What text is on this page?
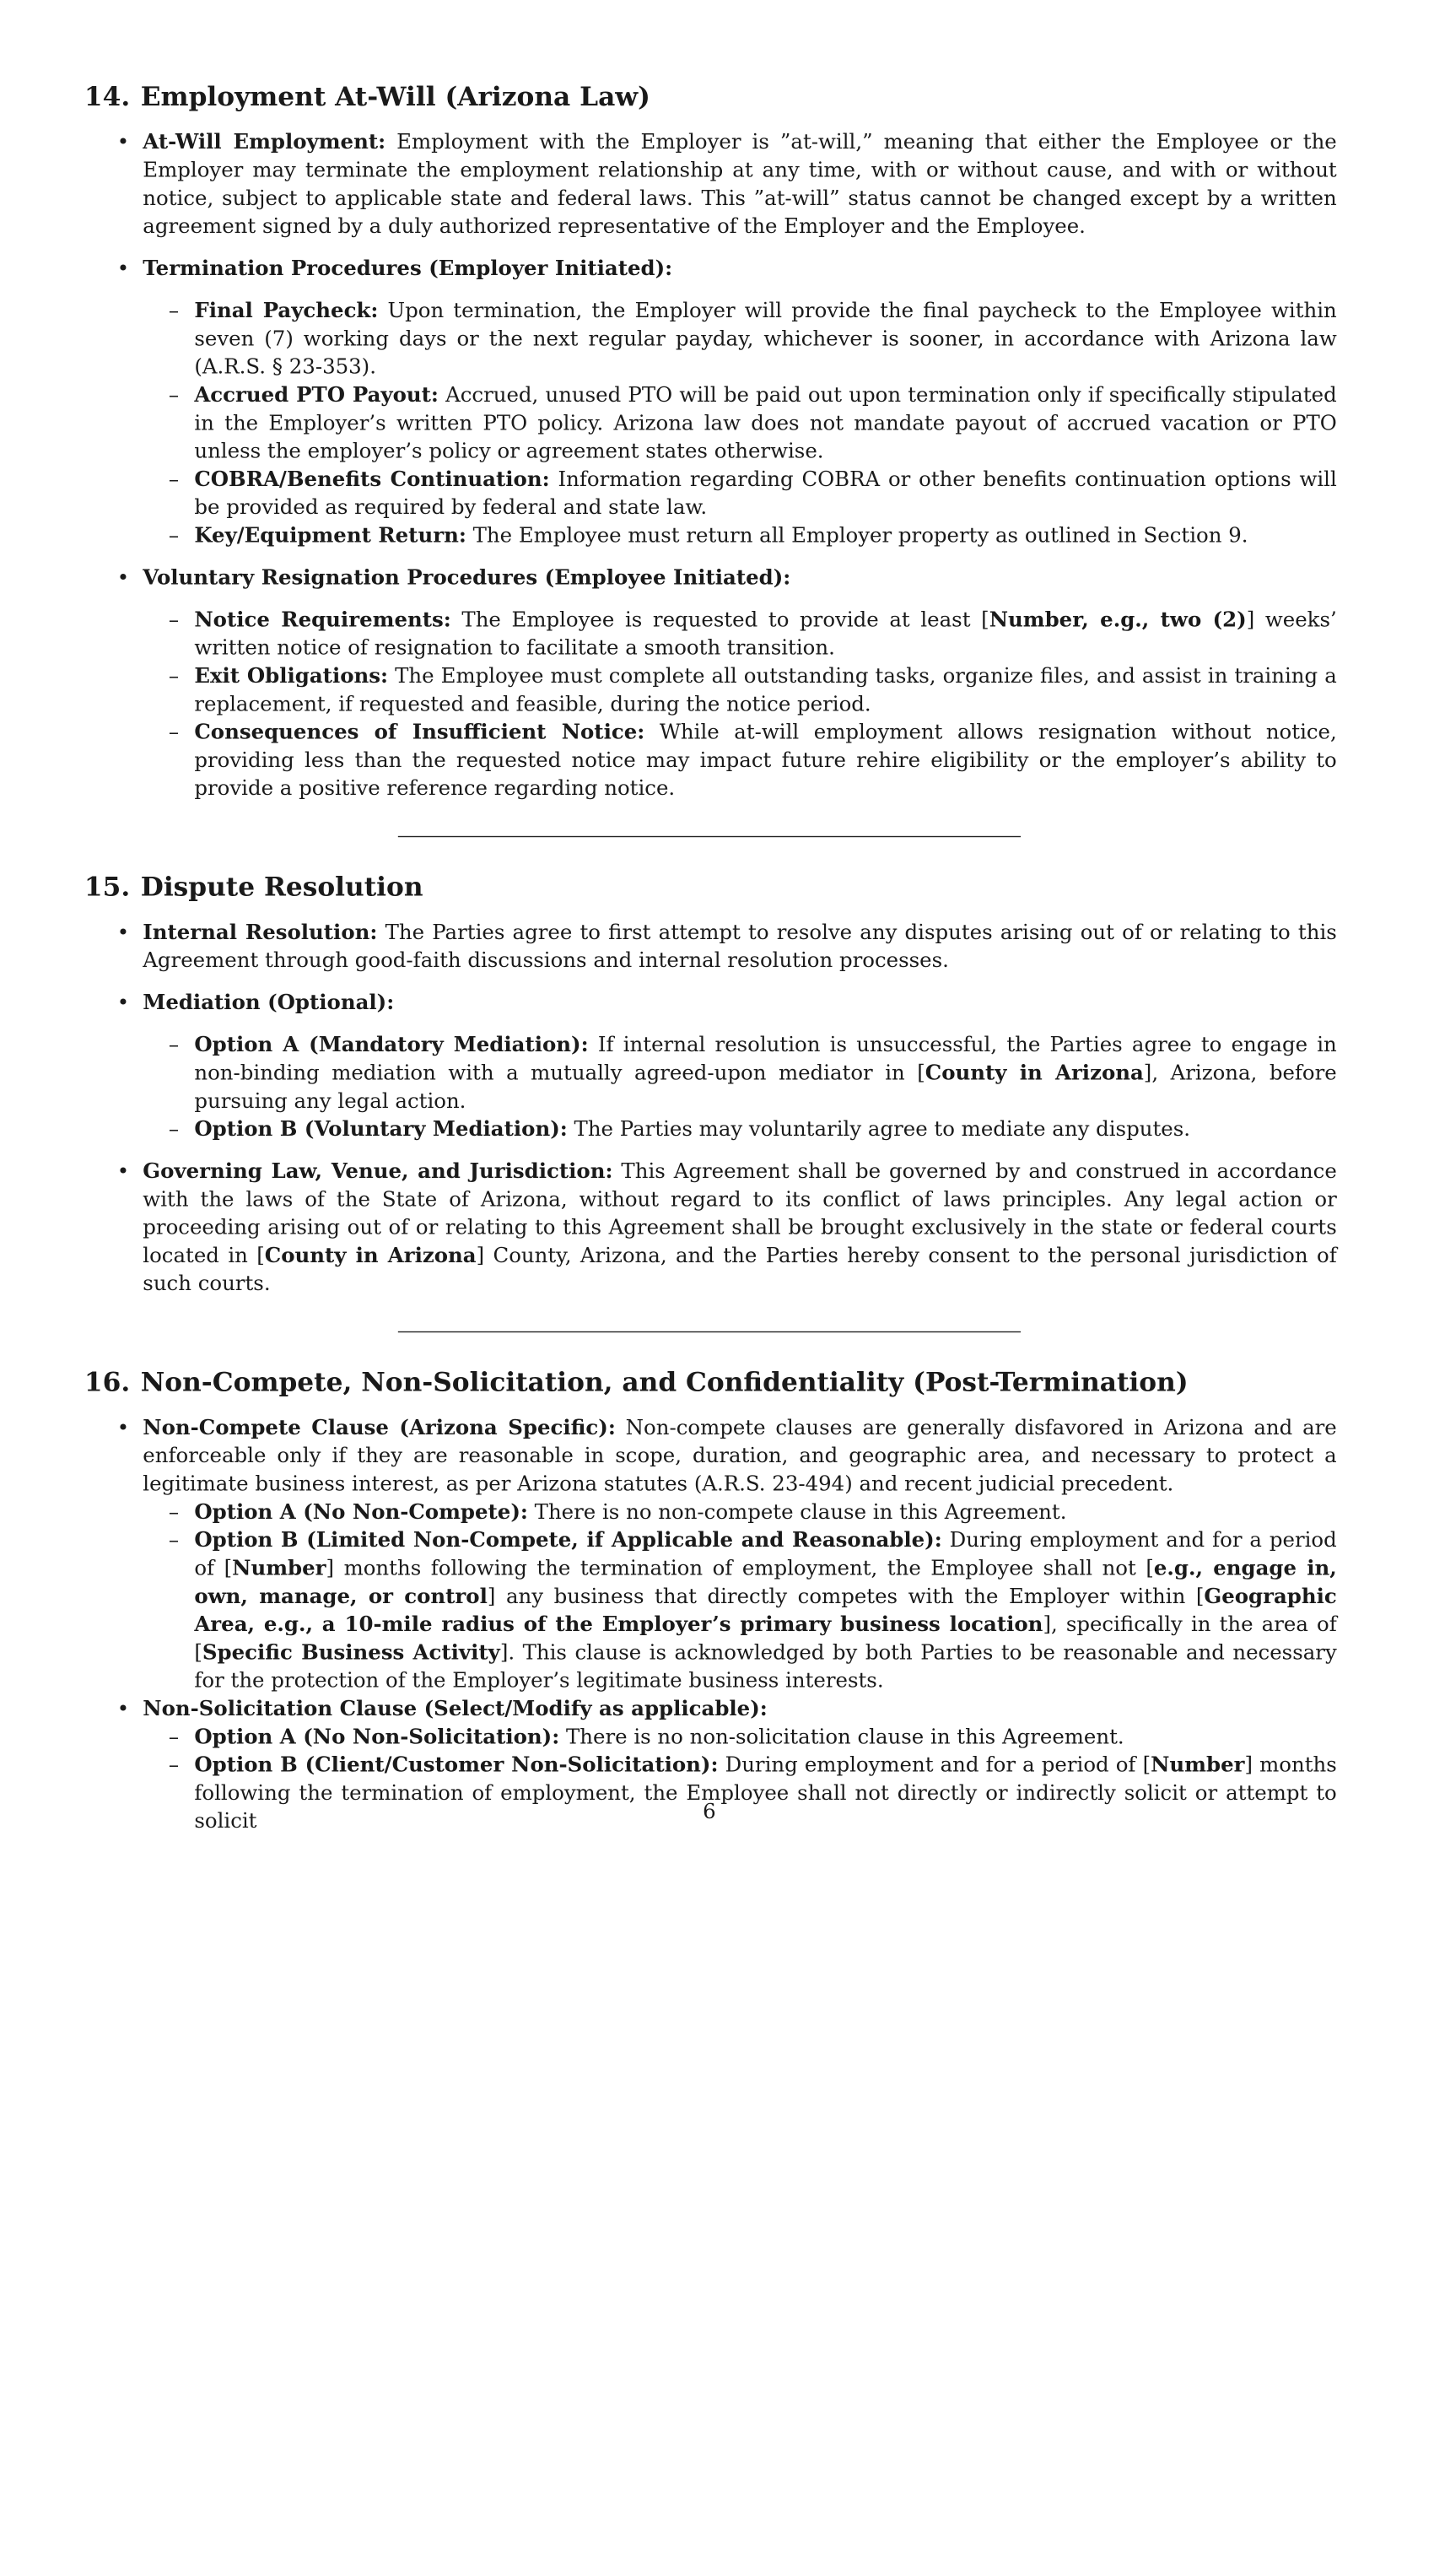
14. Employment At-Will (Arizona Law)
• At-Will Employment: Employment with the Employer is ”at-will,” meaning that either the Employee or the Employer may terminate the employment relationship at any time, with or without cause, and with or without notice, subject to applicable state and federal laws. This ”at-will” status cannot be changed except by a written agreement signed by a duly authorized representative of the Employer and the Employee.
• Termination Procedures (Employer Initiated):
– Final Paycheck: Upon termination, the Employer will provide the final paycheck to the Employee within seven (7) working days or the next regular payday, whichever is sooner, in accordance with Arizona law (A.R.S. § 23-353).
– Accrued PTO Payout: Accrued, unused PTO will be paid out upon termination only if specifically stipulated in the Employer’s written PTO policy. Arizona law does not mandate payout of accrued vacation or PTO unless the employer’s policy or agreement states otherwise.
– COBRA/Benefits Continuation: Information regarding COBRA or other benefits continuation options will be provided as required by federal and state law.
– Key/Equipment Return: The Employee must return all Employer property as outlined in Section 9.
• Voluntary Resignation Procedures (Employee Initiated):
– Notice Requirements: The Employee is requested to provide at least [Number, e.g., two (2)] weeks’ written notice of resignation to facilitate a smooth transition.
– Exit Obligations: The Employee must complete all outstanding tasks, organize files, and assist in training a replacement, if requested and feasible, during the notice period.
– Consequences of Insufficient Notice: While at-will employment allows resignation without notice, providing less than the requested notice may impact future rehire eligibility or the employer’s ability to provide a positive reference regarding notice.
15. Dispute Resolution
• Internal Resolution: The Parties agree to first attempt to resolve any disputes arising out of or relating to this Agreement through good-faith discussions and internal resolution processes.
• Mediation (Optional):
– Option A (Mandatory Mediation): If internal resolution is unsuccessful, the Parties agree to engage in non-binding mediation with a mutually agreed-upon mediator in [County in Arizona], Arizona, before pursuing any legal action.
– Option B (Voluntary Mediation): The Parties may voluntarily agree to mediate any disputes.
• Governing Law, Venue, and Jurisdiction: This Agreement shall be governed by and construed in accordance with the laws of the State of Arizona, without regard to its conflict of laws principles. Any legal action or proceeding arising out of or relating to this Agreement shall be brought exclusively in the state or federal courts located in [County in Arizona] County, Arizona, and the Parties hereby consent to the personal jurisdiction of such courts.
16. Non-Compete, Non-Solicitation, and Confidentiality (Post-Termination)
• Non-Compete Clause (Arizona Specific): Non-compete clauses are generally disfavored in Arizona and are enforceable only if they are reasonable in scope, duration, and geographic area, and necessary to protect a legitimate business interest, as per Arizona statutes (A.R.S. 23-494) and recent judicial precedent.
– Option A (No Non-Compete): There is no non-compete clause in this Agreement.
– Option B (Limited Non-Compete, if Applicable and Reasonable): During employment and for a period of [Number] months following the termination of employment, the Employee shall not [e.g., engage in, own, manage, or control] any business that directly competes with the Employer within [Geographic Area, e.g., a 10-mile radius of the Employer’s primary business location], specifically in the area of [Specific Business Activity]. This clause is acknowledged by both Parties to be reasonable and necessary for the protection of the Employer’s legitimate business interests.
• Non-Solicitation Clause (Select/Modify as applicable):
– Option A (No Non-Solicitation): There is no non-solicitation clause in this Agreement.
– Option B (Client/Customer Non-Solicitation): During employment and for a period of [Number] months following the termination of employment, the Employee shall not directly or indirectly solicit or attempt to solicit	6
